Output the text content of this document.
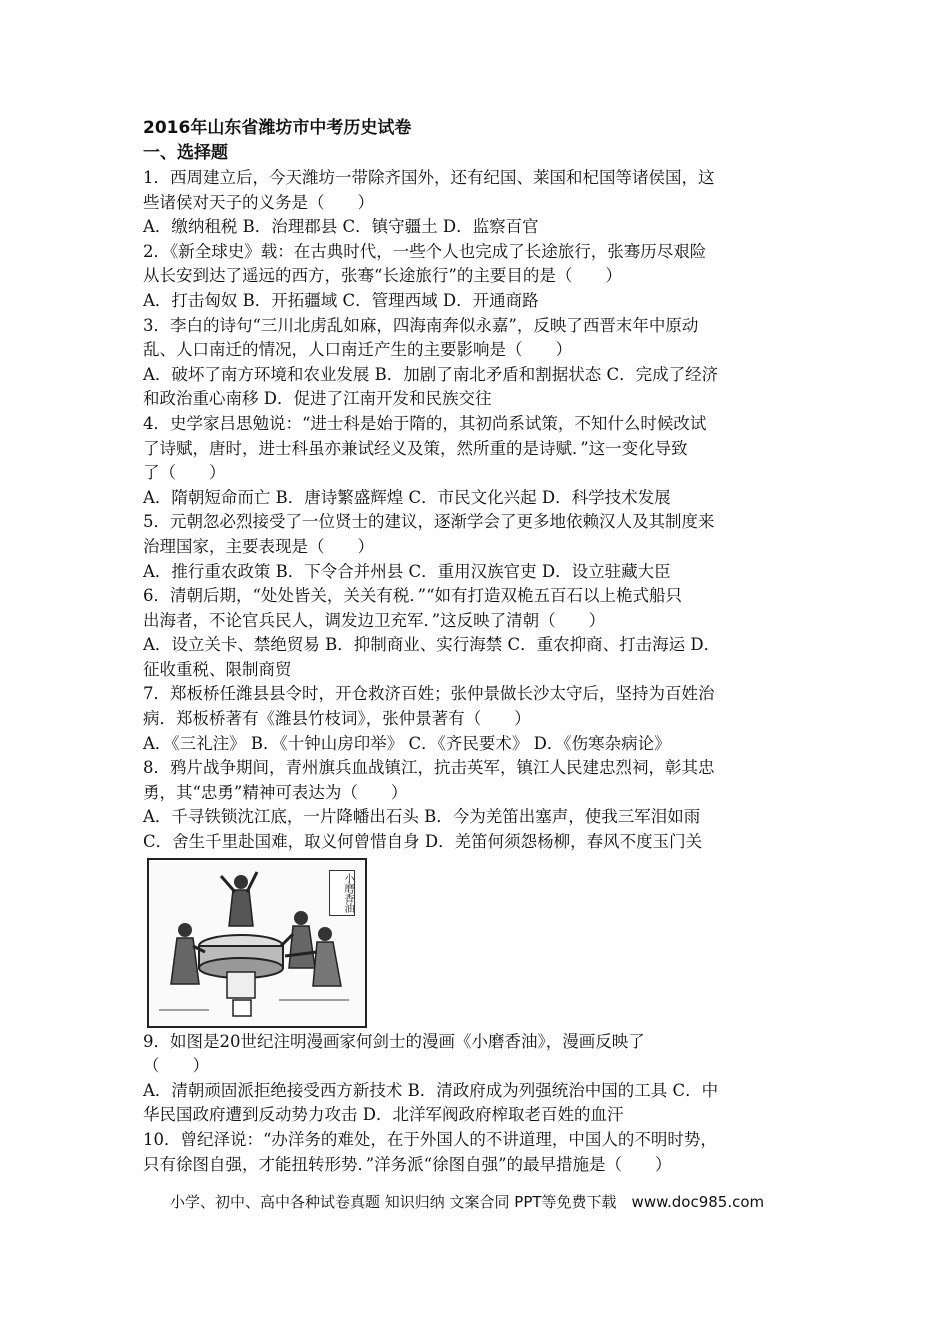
2016年山东省潍坊市中考历史试卷

一、选择题

1．西周建立后，今天潍坊一带除齐国外，还有纪国、莱国和杞国等诸侯国，这

些诸侯对天子的义务是（　　）

A．缴纳租税 B．治理郡县 C．镇守疆土 D．监察百官

2．《新全球史》载：在古典时代，一些个人也完成了长途旅行，张骞历尽艰险

从长安到达了遥远的西方，张骞“长途旅行”的主要目的是（　　）

A．打击匈奴 B．开拓疆域 C．管理西域 D．开通商路

3．李白的诗句“三川北虏乱如麻，四海南奔似永嘉”，反映了西晋末年中原动

乱、人口南迁的情况，人口南迁产生的主要影响是（　　）

A．破坏了南方环境和农业发展 B．加剧了南北矛盾和割据状态 C．完成了经济

和政治重心南移 D．促进了江南开发和民族交往

4．史学家吕思勉说：“进士科是始于隋的，其初尚系试策，不知什么时候改试

了诗赋，唐时，进士科虽亦兼试经义及策，然所重的是诗赋．”这一变化导致

了（　　）

A．隋朝短命而亡 B．唐诗繁盛辉煌 C．市民文化兴起 D．科学技术发展

5．元朝忽必烈接受了一位贤士的建议，逐渐学会了更多地依赖汉人及其制度来

治理国家，主要表现是（　　）

A．推行重农政策 B．下令合并州县 C．重用汉族官吏 D．设立驻藏大臣

6．清朝后期，“处处皆关，关关有税．”“如有打造双桅五百石以上桅式船只

出海者，不论官兵民人，调发边卫充军．”这反映了清朝（　　）

A．设立关卡、禁绝贸易 B．抑制商业、实行海禁 C．重农抑商、打击海运 D．

征收重税、限制商贸

7．郑板桥任潍县县令时，开仓救济百姓；张仲景做长沙太守后，坚持为百姓治

病．郑板桥著有《潍县竹枝词》，张仲景著有（　　）

A．《三礼注》 B．《十钟山房印举》 C．《齐民要术》 D．《伤寒杂病论》

8．鸦片战争期间，青州旗兵血战镇江，抗击英军，镇江人民建忠烈祠，彰其忠

勇，其“忠勇”精神可表达为（　　）

A．千寻铁锁沈江底，一片降幡出石头 B．今为羌笛出塞声，使我三军泪如雨

C．舍生千里赴国难，取义何曾惜自身 D．羌笛何须怨杨柳，春风不度玉门关

小磨香油

9．如图是20世纪注明漫画家何剑士的漫画《小磨香油》，漫画反映了

（　　）

A．清朝顽固派拒绝接受西方新技术 B．清政府成为列强统治中国的工具 C．中

华民国政府遭到反动势力攻击 D．北洋军阀政府榨取老百姓的血汗

10．曾纪泽说：“办洋务的难处，在于外国人的不讲道理，中国人的不明时势，

只有徐图自强，才能扭转形势．”洋务派“徐图自强”的最早措施是（　　）

小学、初中、高中各种试卷真题 知识归纳 文案合同 PPT等免费下载　www.doc985.com
